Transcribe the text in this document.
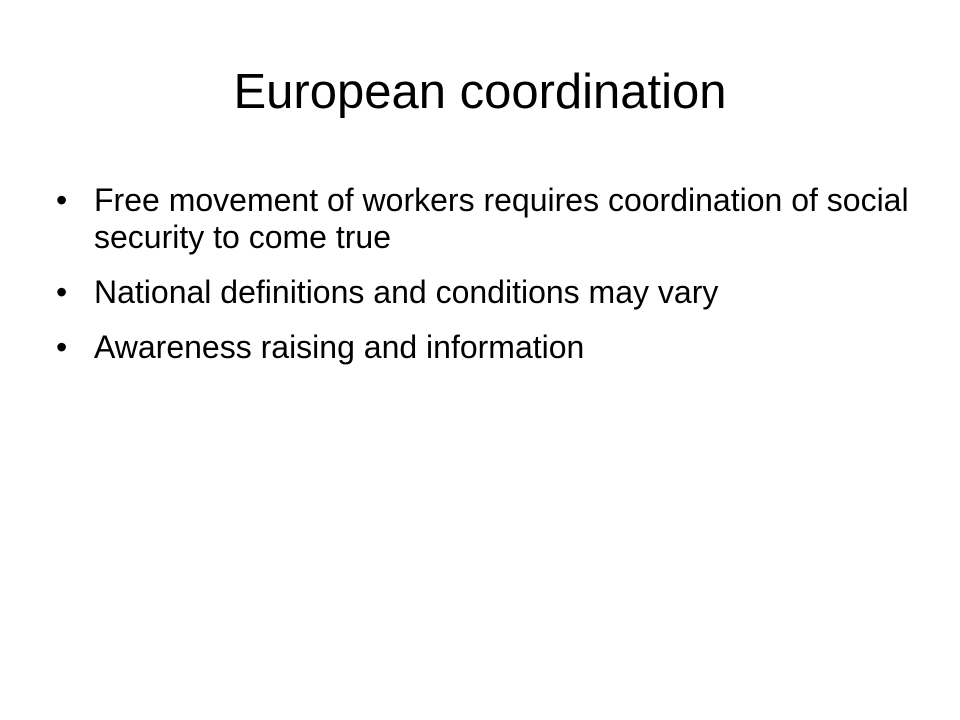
European coordination
• Free movement of workers requires coordination of social security to come true
• National definitions and conditions may vary
• Awareness raising and information
